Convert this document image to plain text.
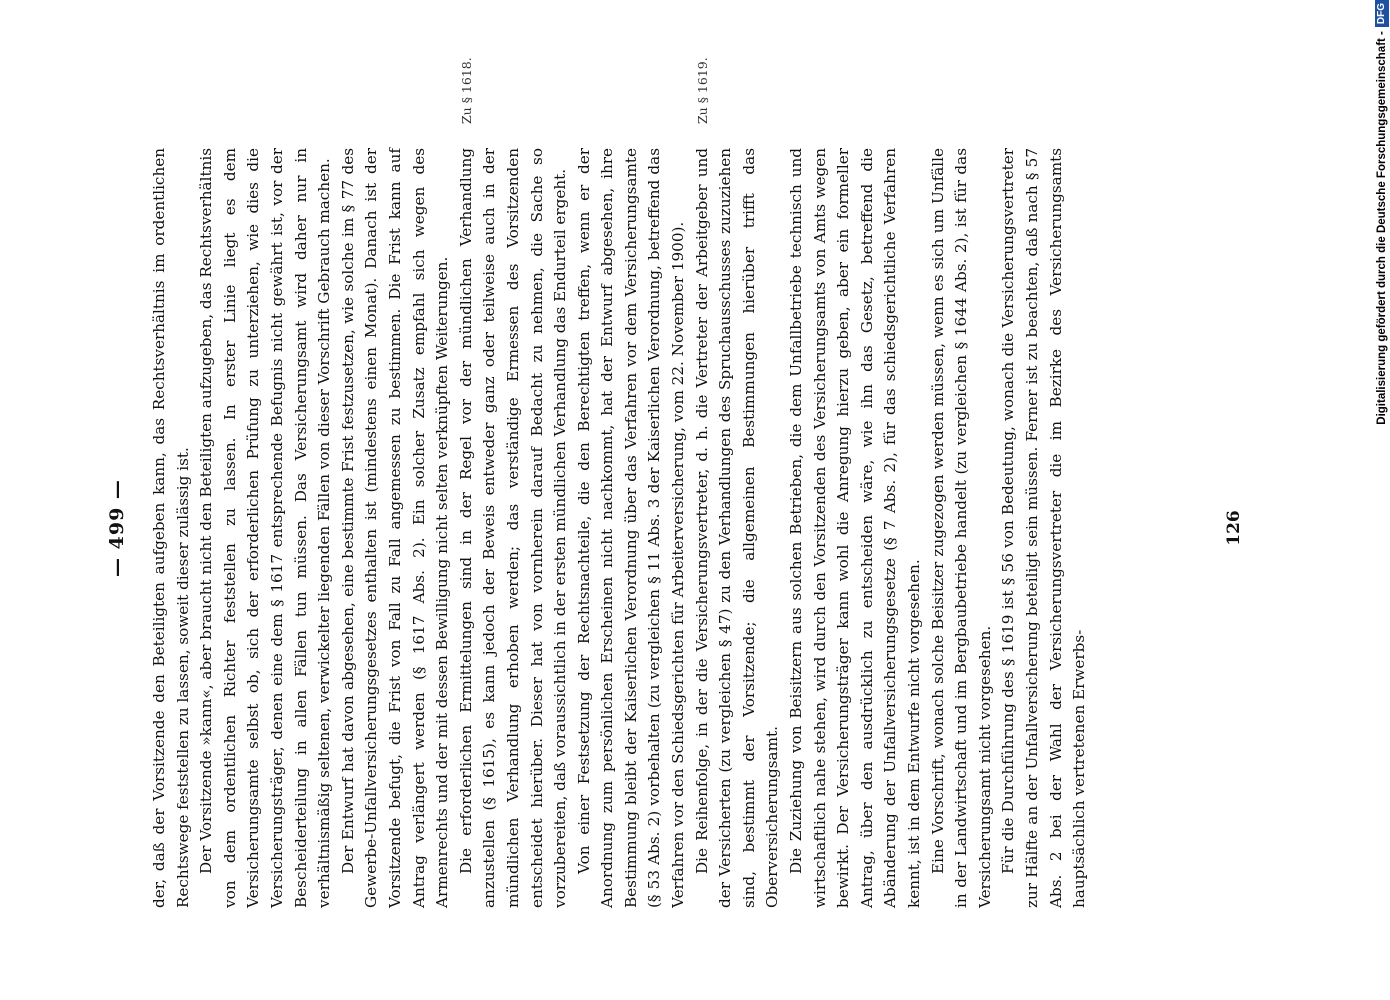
— 499 —	der, daß der Vorsitzende den Beteiligten aufgeben kann, das Rechtsverhältnis im ordentlichen Rechtswege feststellen zu lassen, soweit dieser zulässig ist. Der Vorsitzende »kann«, aber braucht nicht den Beteiligten aufzugeben, das Rechtsverhältnis von dem ordentlichen Richter feststellen zu lassen. In erster Linie liegt es dem Versicherungsamte selbst ob, sich der erforderlichen Prüfung zu unterziehen, wie dies die Versicherungsträger, denen eine dem § 1617 entsprechende Befugnis nicht gewährt ist, vor der Bescheiderteilung in allen Fällen tun müssen. Das Versicherungsamt wird daher nur in verhältnismäßig seltenen, verwickelter liegenden Fällen von dieser Vorschrift Gebrauch machen. Der Entwurf hat davon abgesehen, eine bestimmte Frist festzusetzen, wie solche im § 77 des Gewerbe-Unfallversicherungsgesetzes enthalten ist (mindestens einen Monat). Danach ist der Vorsitzende befugt, die Frist von Fall zu Fall angemessen zu bestimmen. Die Frist kann auf Antrag verlängert werden (§ 1617 Abs. 2). Ein solcher Zusatz empfahl sich wegen des Armenrechts und der mit dessen Bewilligung nicht selten verknüpften Weiterungen.

Zu § 1618.

Die erforderlichen Ermittelungen sind in der Regel vor der mündlichen Verhandlung anzustellen (§ 1615), es kann jedoch der Beweis entweder ganz oder teilweise auch in der mündlichen Verhandlung erhoben werden; das verständige Ermessen des Vorsitzenden entscheidet hierüber. Dieser hat von vornherein darauf Bedacht zu nehmen, die Sache so vorzubereiten, daß voraussichtlich in der ersten mündlichen Verhandlung das Endurteil ergeht. Von einer Festsetzung der Rechtsnachteile, die den Berechtigten treffen, wenn er der Anordnung zum persönlichen Erscheinen nicht nachkommt, hat der Entwurf abgesehen, ihre Bestimmung bleibt der Kaiserlichen Verordnung über das Verfahren vor dem Versicherungsamte (§ 53 Abs. 2) vorbehalten (zu vergleichen § 11 Abs. 3 der Kaiserlichen Verordnung, betreffend das Verfahren vor den Schiedsgerichten für Arbeiterversicherung, vom 22. November 1900).

Zu § 1619.

Die Reihenfolge, in der die Versicherungsvertreter, d. h. die Vertreter der Arbeitgeber und der Versicherten (zu vergleichen § 47) zu den Verhandlungen des Spruchausschusses zuzuziehen sind, bestimmt der Vorsitzende; die allgemeinen Bestimmungen hierüber trifft das Oberversicherungsamt. Die Zuziehung von Beisitzern aus solchen Betrieben, die dem Unfallbetriebe technisch und wirtschaftlich nahe stehen, wird durch den Vorsitzenden des Versicherungsamts von Amts wegen bewirkt. Der Versicherungsträger kann wohl die Anregung hierzu geben, aber ein formeller Antrag, über den ausdrücklich zu entscheiden wäre, wie ihn das Gesetz, betreffend die Abänderung der Unfallversicherungsgesetze (§ 7 Abs. 2), für das schiedsgerichtliche Verfahren kennt, ist in dem Entwurfe nicht vorgesehen. Eine Vorschrift, wonach solche Beisitzer zugezogen werden müssen, wenn es sich um Unfälle in der Landwirtschaft und im Bergbaubetriebe handelt (zu vergleichen § 1644 Abs. 2), ist für das Versicherungsamt nicht vorgesehen. Für die Durchführung des § 1619 ist § 56 von Bedeutung, wonach die Versicherungsvertreter zur Hälfte an der Unfallversicherung beteiligt sein müssen. Ferner ist zu beachten, daß nach § 57 Abs. 2 bei der Wahl der Versicherungsvertreter die im Bezirke des Versicherungsamts hauptsächlich vertretenen Erwerbs-

126
Digitalisierung gefördert durch die Deutsche Forschungsgemeinschaft -
DFG
